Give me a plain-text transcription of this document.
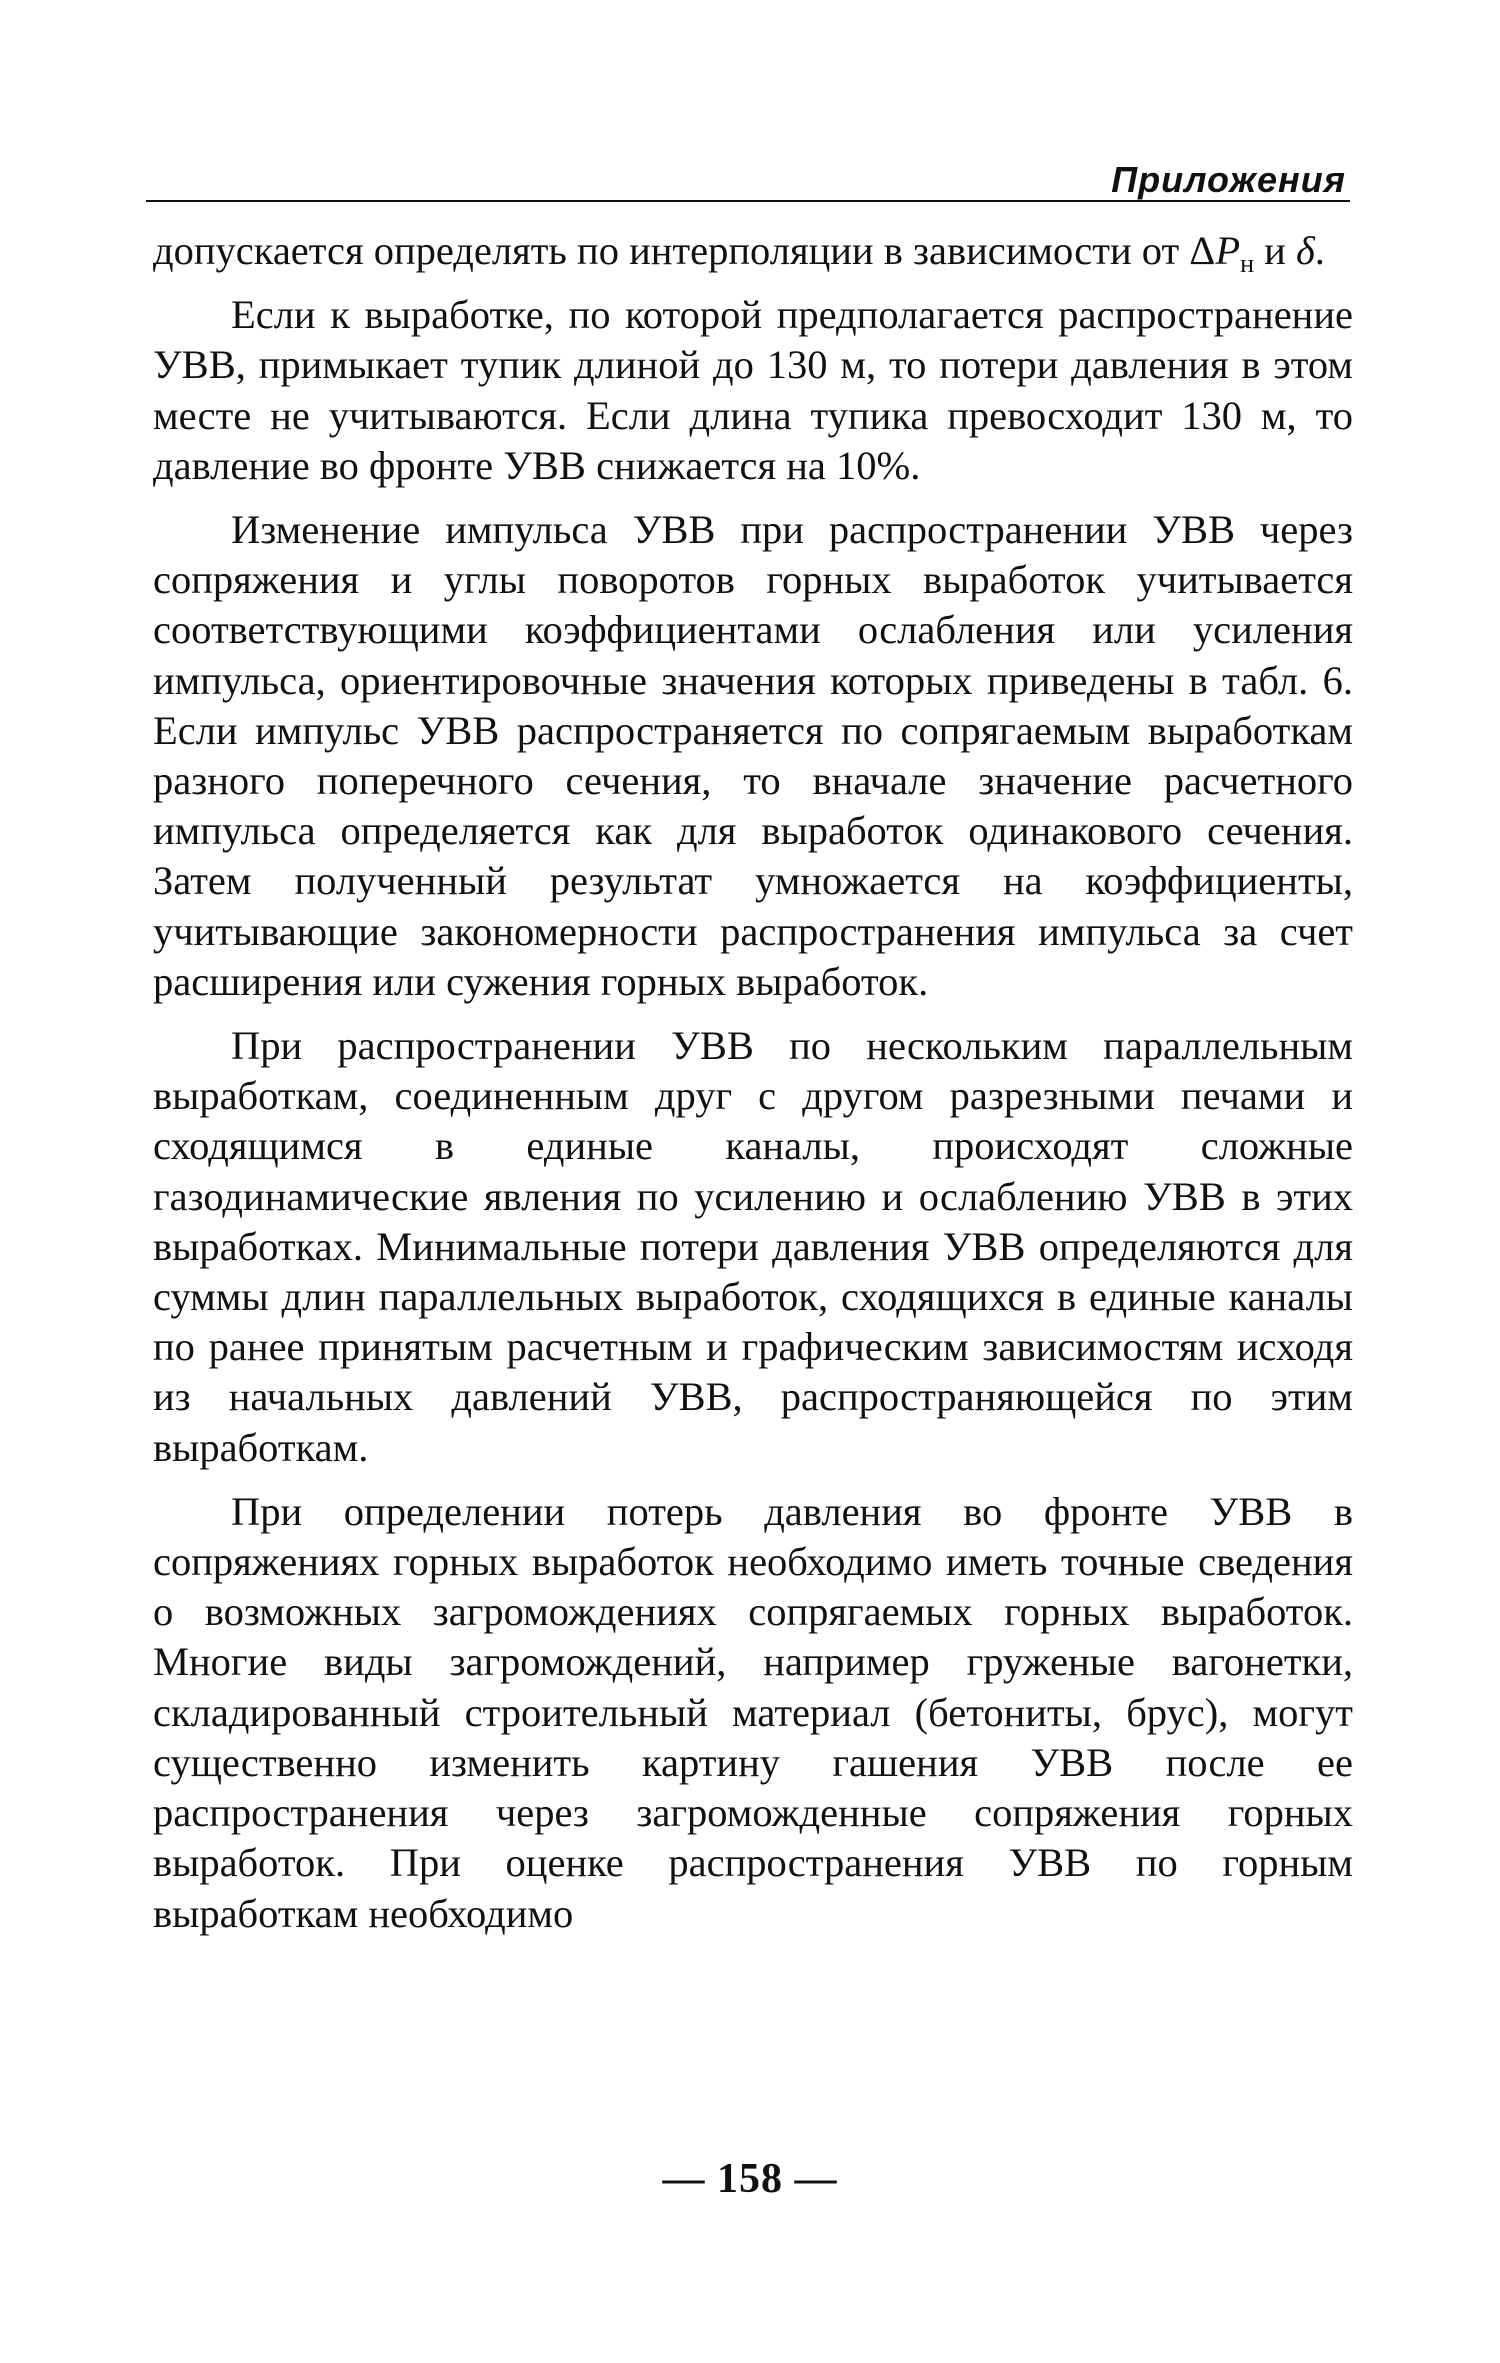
Приложения

допускается определять по интерполяции в зависимости от $\Delta P_н$ и δ.

Если к выработке, по которой предполагается распространение УВВ, примыкает тупик длиной до 130 м, то потери давления в этом месте не учитываются. Если длина тупика превосходит 130 м, то давление во фронте УВВ снижается на 10%.

Изменение импульса УВВ при распространении УВВ через сопряжения и углы поворотов горных выработок учитывается соответствующими коэффициентами ослабления или усиления импульса, ориентировочные значения которых приведены в табл. 6. Если импульс УВВ распространяется по сопрягаемым выработкам разного поперечного сечения, то вначале значение расчетного импульса определяется как для выработок одинакового сечения. Затем полученный результат умножается на коэффициенты, учитывающие закономерности распространения импульса за счет расширения или сужения горных выработок.

При распространении УВВ по нескольким параллельным выработкам, соединенным друг с другом разрезными печами и сходящимся в единые каналы, происходят сложные газодинамические явления по усилению и ослаблению УВВ в этих выработках. Минимальные потери давления УВВ определяются для суммы длин параллельных выработок, сходящихся в единые каналы по ранее принятым расчетным и графическим зависимостям исходя из начальных давлений УВВ, распространяющейся по этим выработкам.

При определении потерь давления во фронте УВВ в сопряжениях горных выработок необходимо иметь точные сведения о возможных загромождениях сопрягаемых горных выработок. Многие виды загромождений, например груженые вагонетки, складированный строительный материал (бетониты, брус), могут существенно изменить картину гашения УВВ после ее распространения через загроможденные сопряжения горных выработок. При оценке распространения УВВ по горным выработкам необходимо

— 158 —
